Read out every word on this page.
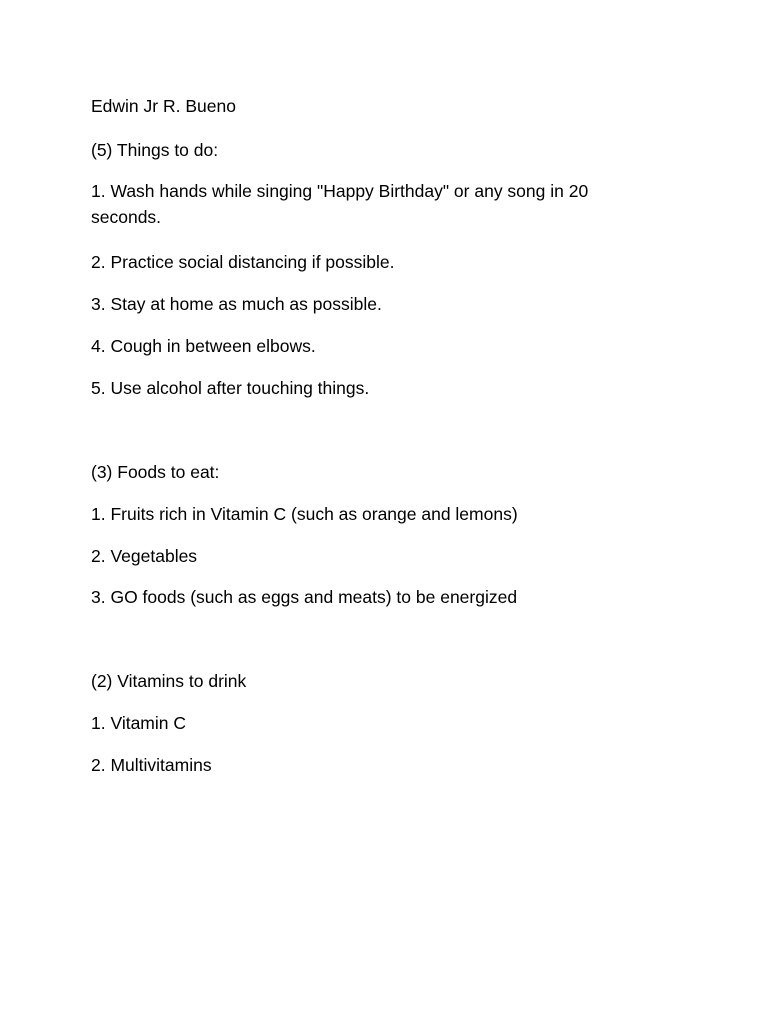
Edwin Jr R. Bueno

(5) Things to do:

1. Wash hands while singing "Happy Birthday" or any song in 20 seconds.

2. Practice social distancing if possible.

3. Stay at home as much as possible.

4. Cough in between elbows.

5. Use alcohol after touching things.

(3) Foods to eat:

1. Fruits rich in Vitamin C (such as orange and lemons)

2. Vegetables

3. GO foods (such as eggs and meats) to be energized

(2) Vitamins to drink

1. Vitamin C

2. Multivitamins
